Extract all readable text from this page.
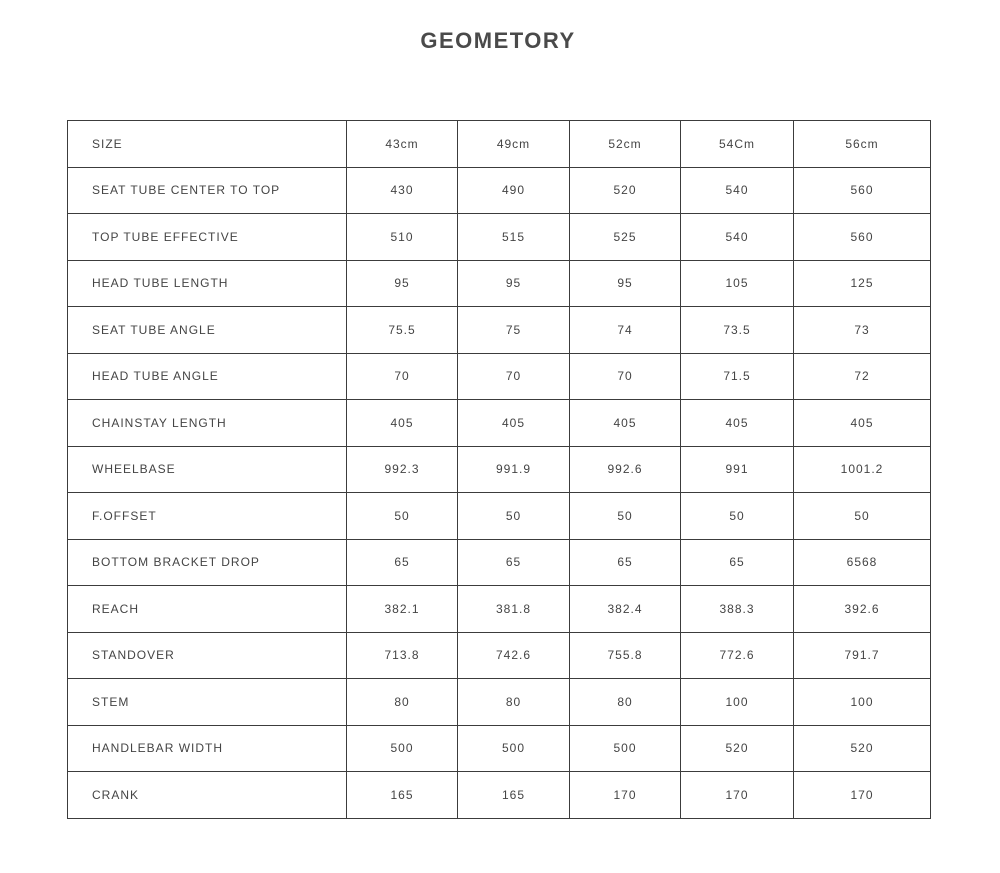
GEOMETORY
SIZE	43cm	49cm	52cm	54Cm	56cm
SEAT TUBE CENTER TO TOP	430	490	520	540	560
TOP TUBE EFFECTIVE	510	515	525	540	560
HEAD TUBE LENGTH	95	95	95	105	125
SEAT TUBE ANGLE	75.5	75	74	73.5	73
HEAD TUBE ANGLE	70	70	70	71.5	72
CHAINSTAY LENGTH	405	405	405	405	405
WHEELBASE	992.3	991.9	992.6	991	1001.2
F.OFFSET	50	50	50	50	50
BOTTOM BRACKET DROP	65	65	65	65	6568
REACH	382.1	381.8	382.4	388.3	392.6
STANDOVER	713.8	742.6	755.8	772.6	791.7
STEM	80	80	80	100	100
HANDLEBAR WIDTH	500	500	500	520	520
CRANK	165	165	170	170	170
